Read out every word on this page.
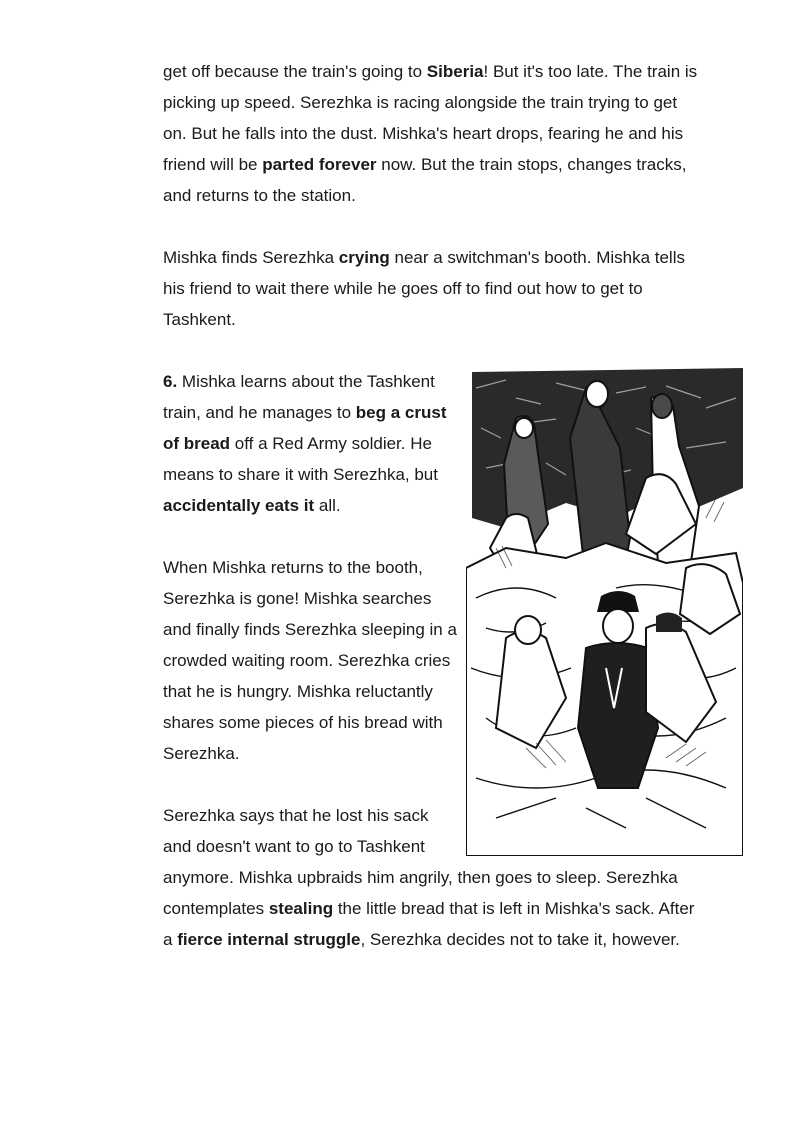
get off because the train's going to Siberia! But it's too late. The train is picking up speed. Serezhka is racing alongside the train trying to get on. But he falls into the dust. Mishka's heart drops, fearing he and his friend will be parted forever now. But the train stops, changes tracks, and returns to the station.

Mishka finds Serezhka crying near a switchman's booth. Mishka tells his friend to wait there while he goes off to find out how to get to Tashkent.

6. Mishka learns about the Tashkent train, and he manages to beg a crust of bread off a Red Army soldier. He means to share it with Serezhka, but accidentally eats it all.

When Mishka returns to the booth, Serezhka is gone! Mishka searches and finally finds Serezhka sleeping in a crowded waiting room. Serezhka cries that he is hungry. Mishka reluctantly shares some pieces of his bread with Serezhka.

Serezhka says that he lost his sack and doesn't want to go to Tashkent anymore. Mishka upbraids him angrily, then goes to sleep. Serezhka contemplates stealing the little bread that is left in Mishka's sack. After a fierce internal struggle, Serezhka decides not to take it, however.
